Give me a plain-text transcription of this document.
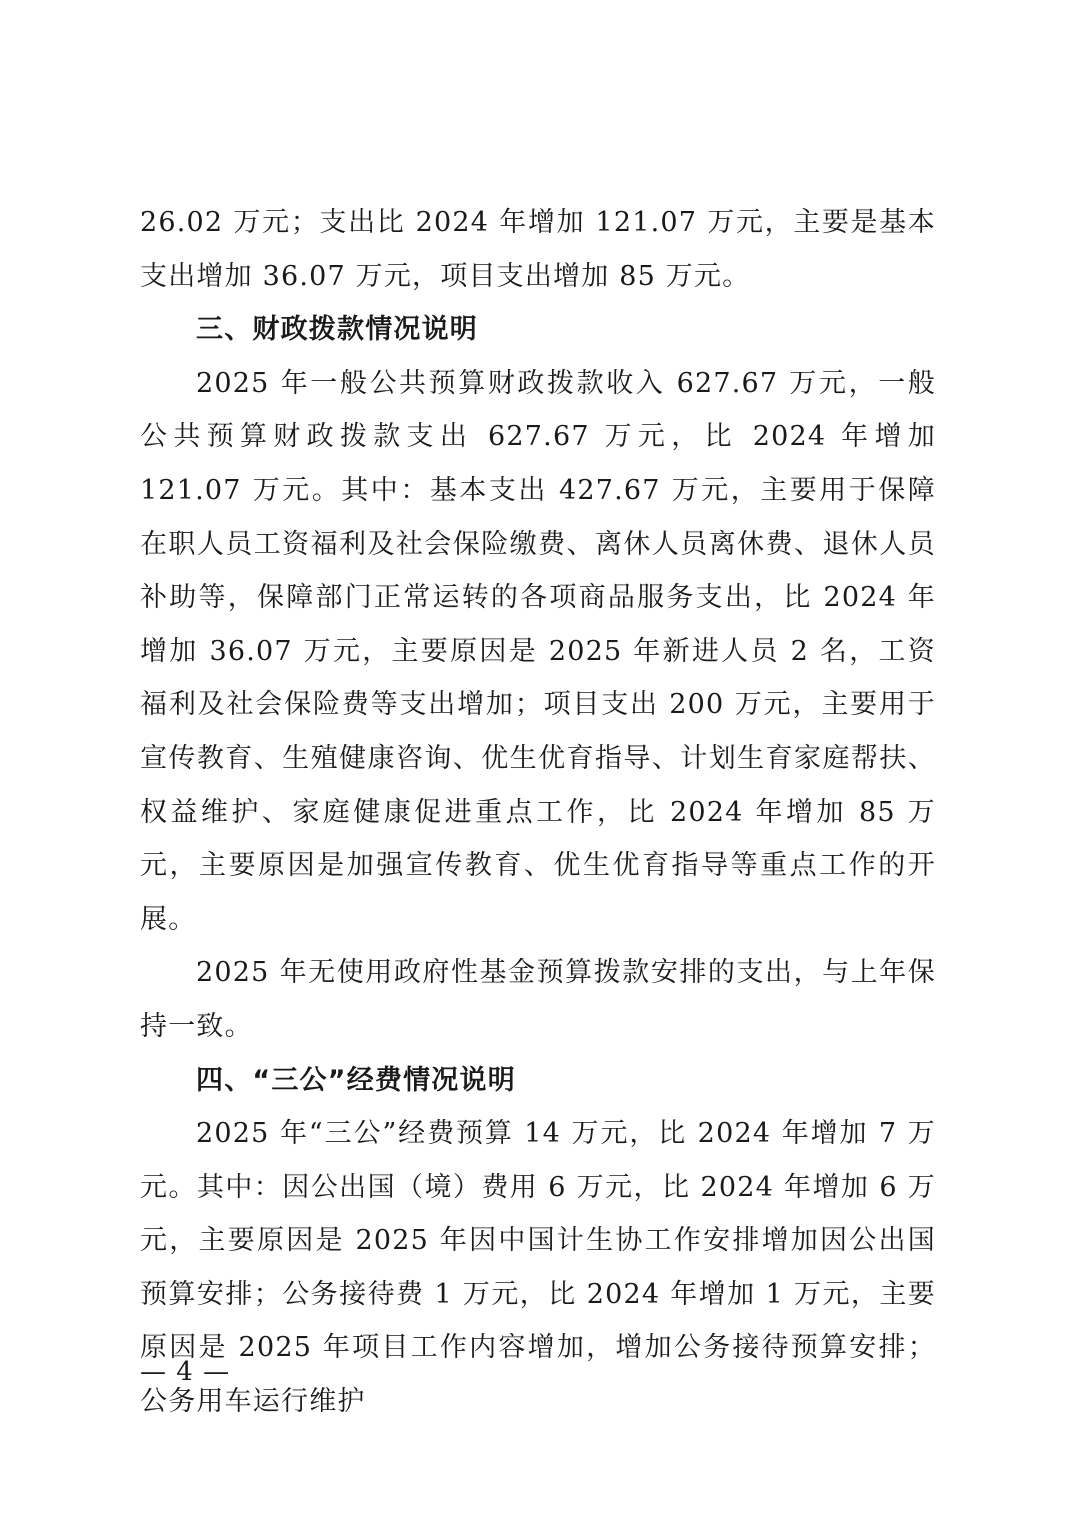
26.02 万元；支出比 2024 年增加 121.07 万元，主要是基本支出增加 36.07 万元，项目支出增加 85 万元。

三、财政拨款情况说明

2025 年一般公共预算财政拨款收入 627.67 万元，一般公共预算财政拨款支出 627.67 万元，比 2024 年增加 121.07 万元。其中：基本支出 427.67 万元，主要用于保障在职人员工资福利及社会保险缴费、离休人员离休费、退休人员补助等，保障部门正常运转的各项商品服务支出，比 2024 年增加 36.07 万元，主要原因是 2025 年新进人员 2 名，工资福利及社会保险费等支出增加；项目支出 200 万元，主要用于宣传教育、生殖健康咨询、优生优育指导、计划生育家庭帮扶、权益维护、家庭健康促进重点工作，比 2024 年增加 85 万元，主要原因是加强宣传教育、优生优育指导等重点工作的开展。

2025 年无使用政府性基金预算拨款安排的支出，与上年保持一致。

四、“三公”经费情况说明

2025 年“三公”经费预算 14 万元，比 2024 年增加 7 万元。其中：因公出国（境）费用 6 万元，比 2024 年增加 6 万元，主要原因是 2025 年因中国计生协工作安排增加因公出国预算安排；公务接待费 1 万元，比 2024 年增加 1 万元，主要原因是 2025 年项目工作内容增加，增加公务接待预算安排；公务用车运行维护

— 4 —
